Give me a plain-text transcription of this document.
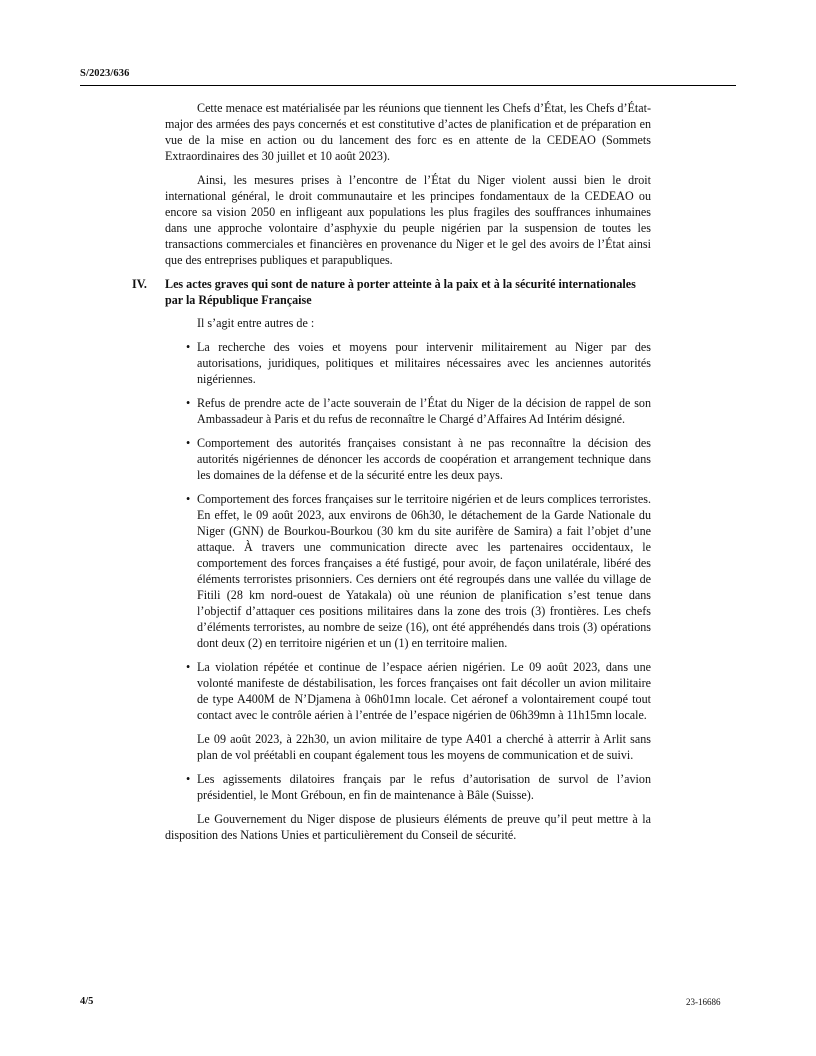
S/2023/636

Cette menace est matérialisée par les réunions que tiennent les Chefs d’État, les Chefs d’État-major des armées des pays concernés et est constitutive d’actes de planification et de préparation en vue de la mise en action ou du lancement des forc es en attente de la CEDEAO (Sommets Extraordinaires des 30 juillet et 10 août 2023).

Ainsi, les mesures prises à l’encontre de l’État du Niger violent aussi bien le droit international général, le droit communautaire et les principes fondamentaux de la CEDEAO ou encore sa vision 2050 en infligeant aux populations les plus fragiles des souffrances inhumaines dans une approche volontaire d’asphyxie du peuple nigérien par la suspension de toutes les transactions commerciales et financières en provenance du Niger et le gel des avoirs de l’État ainsi que des entreprises publiques et parapubliques.

IV. Les actes graves qui sont de nature à porter atteinte à la paix et à la sécurité internationales par la République Française

Il s’agit entre autres de :

• La recherche des voies et moyens pour intervenir militairement au Niger par des autorisations, juridiques, politiques et militaires nécessaires avec les anciennes autorités nigériennes.
• Refus de prendre acte de l’acte souverain de l’État du Niger de la décision de rappel de son Ambassadeur à Paris et du refus de reconnaître le Chargé d’Affaires Ad Intérim désigné.
• Comportement des autorités françaises consistant à ne pas reconnaître la décision des autorités nigériennes de dénoncer les accords de coopération et arrangement technique dans les domaines de la défense et de la sécurité entre les deux pays.
• Comportement des forces françaises sur le territoire nigérien et de leurs complices terroristes. En effet, le 09 août 2023, aux environs de 06h30, le détachement de la Garde Nationale du Niger (GNN) de Bourkou-Bourkou (30 km du site aurifère de Samira) a fait l’objet d’une attaque. À travers une communication directe avec les partenaires occidentaux, le comportement des forces françaises a été fustigé, pour avoir, de façon unilatérale, libéré des éléments terroristes prisonniers. Ces derniers ont été regroupés dans une vallée du village de Fitili (28 km nord-ouest de Yatakala) où une réunion de planification s’est tenue dans l’objectif d’attaquer ces positions militaires dans la zone des trois (3) frontières. Les chefs d’éléments terroristes, au nombre de seize (16), ont été appréhendés dans trois (3) opérations dont deux (2) en territoire nigérien et un (1) en territoire malien.
• La violation répétée et continue de l’espace aérien nigérien. Le 09 août 2023, dans une volonté manifeste de déstabilisation, les forces françaises ont fait décoller un avion militaire de type A400M de N’Djamena à 06h01mn locale. Cet aéronef a volontairement coupé tout contact avec le contrôle aérien à l’entrée de l’espace nigérien de 06h39mn à 11h15mn locale.

Le 09 août 2023, à 22h30, un avion militaire de type A401 a cherché à atterrir à Arlit sans plan de vol préétabli en coupant également tous les moyens de communication et de suivi.

• Les agissements dilatoires français par le refus d’autorisation de survol de l’avion présidentiel, le Mont Gréboun, en fin de maintenance à Bâle (Suisse).

Le Gouvernement du Niger dispose de plusieurs éléments de preuve qu’il peut mettre à la disposition des Nations Unies et particulièrement du Conseil de sécurité.

4/5	23-16686
